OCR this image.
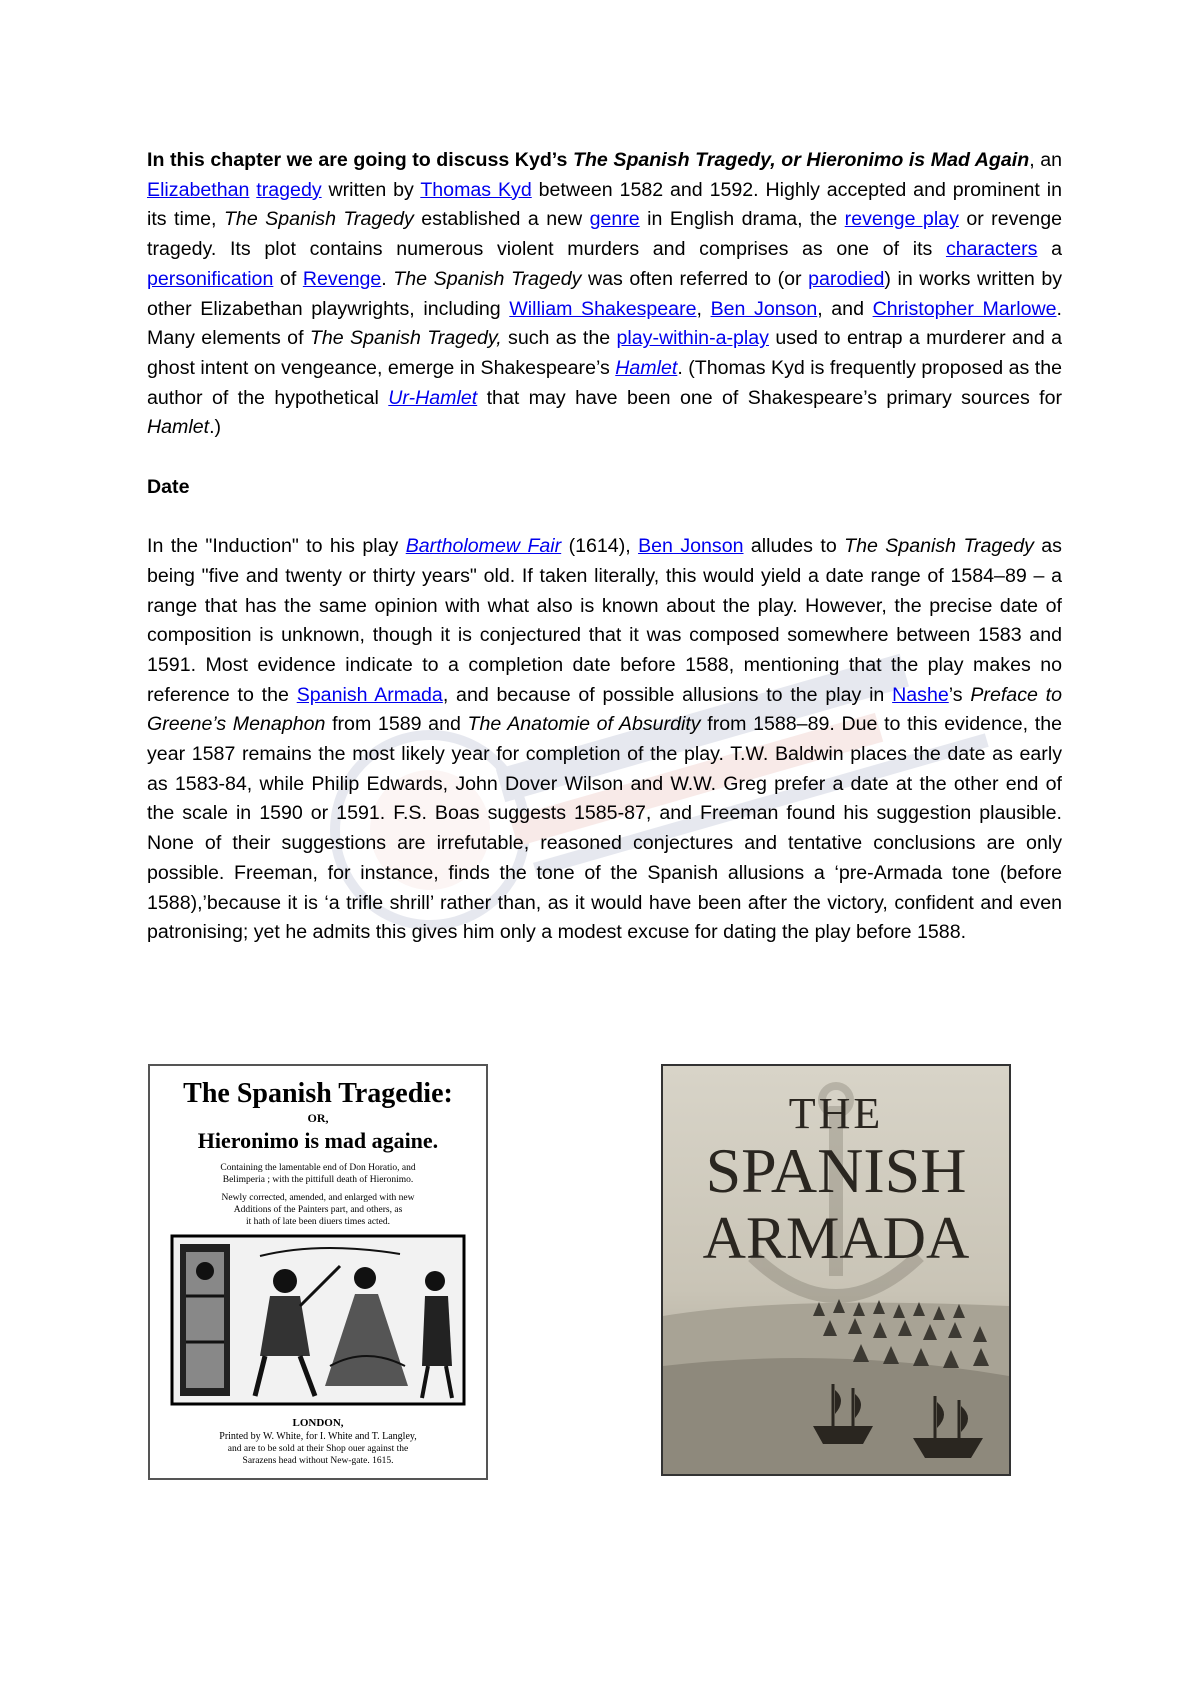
In this chapter we are going to discuss Kyd’s The Spanish Tragedy, or Hieronimo is Mad Again, an Elizabethan tragedy written by Thomas Kyd between 1582 and 1592. Highly accepted and prominent in its time, The Spanish Tragedy established a new genre in English drama, the revenge play or revenge tragedy. Its plot contains numerous violent murders and comprises as one of its characters a personification of Revenge. The Spanish Tragedy was often referred to (or parodied) in works written by other Elizabethan playwrights, including William Shakespeare, Ben Jonson, and Christopher Marlowe. Many elements of The Spanish Tragedy, such as the play-within-a-play used to entrap a murderer and a ghost intent on vengeance, emerge in Shakespeare’s Hamlet. (Thomas Kyd is frequently proposed as the author of the hypothetical Ur-Hamlet that may have been one of Shakespeare’s primary sources for Hamlet.)

Date

In the "Induction" to his play Bartholomew Fair (1614), Ben Jonson alludes to The Spanish Tragedy as being "five and twenty or thirty years" old. If taken literally, this would yield a date range of 1584–89 – a range that has the same opinion with what also is known about the play. However, the precise date of composition is unknown, though it is conjectured that it was composed somewhere between 1583 and 1591. Most evidence indicate to a completion date before 1588, mentioning that the play makes no reference to the Spanish Armada, and because of possible allusions to the play in Nashe’s Preface to Greene’s Menaphon from 1589 and The Anatomie of Absurdity from 1588–89. Due to this evidence, the year 1587 remains the most likely year for completion of the play. T.W. Baldwin places the date as early as 1583-84, while Philip Edwards, John Dover Wilson and W.W. Greg prefer a date at the other end of the scale in 1590 or 1591. F.S. Boas suggests 1585-87, and Freeman found his suggestion plausible. None of their suggestions are irrefutable, reasoned conjectures and tentative conclusions are only possible. Freeman, for instance, finds the tone of the Spanish allusions a ‘pre-Armada tone (before 1588),’because it is ‘a trifle shrill’ rather than, as it would have been after the victory, confident and even patronising; yet he admits this gives him only a modest excuse for dating the play before 1588.

The Spanish Tragedie:
OR,
Hieronimo is mad againe.
Containing the lamentable end of Don Horatio, and
Belimperia ; with the pittifull death of Hieronimo.
Newly corrected, amended, and enlarged with new
Additions of the Painters part, and others, as
it hath of late been diuers times acted.
LONDON,
Printed by W. White, for I. White and T. Langley,
and are to be sold at their Shop ouer against the
Sarazens head without New-gate. 1615.
THE
SPANISH
ARMADA
